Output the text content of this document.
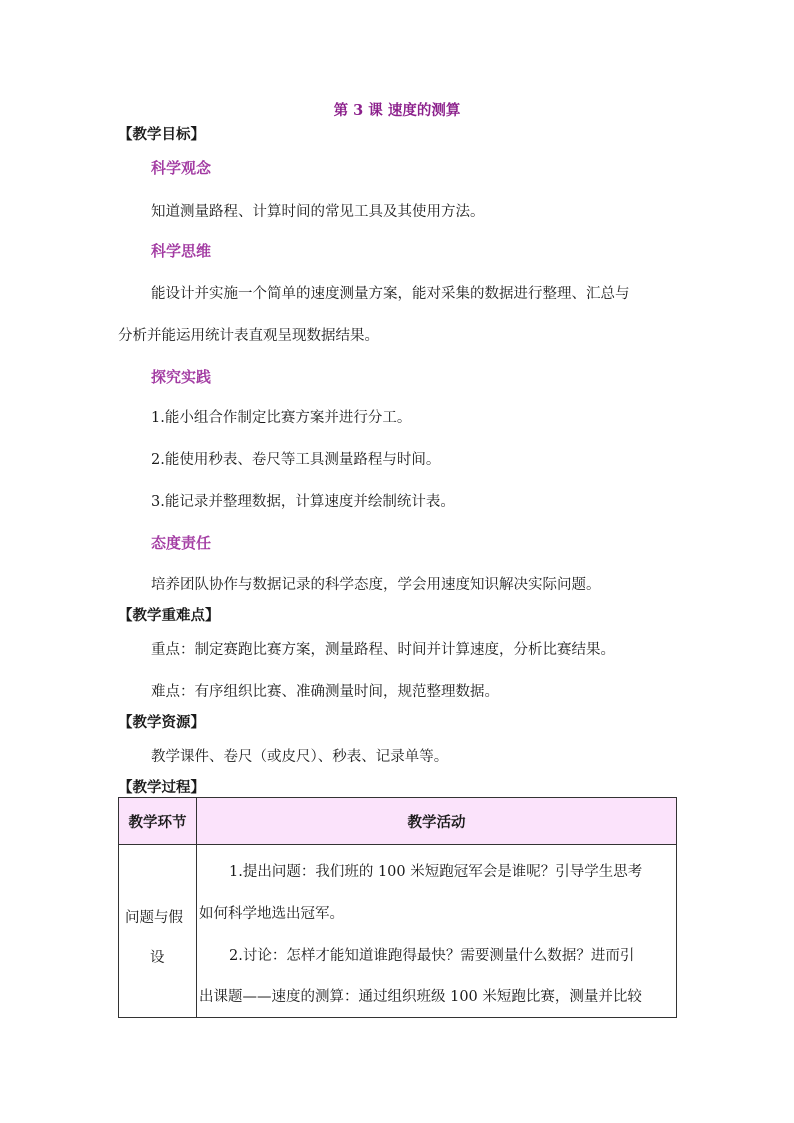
第 3 课 速度的测算
【教学目标】
科学观念
知道测量路程、计算时间的常见工具及其使用方法。
科学思维
能设计并实施一个简单的速度测量方案，能对采集的数据进行整理、汇总与
分析并能运用统计表直观呈现数据结果。
探究实践
1.能小组合作制定比赛方案并进行分工。
2.能使用秒表、卷尺等工具测量路程与时间。
3.能记录并整理数据，计算速度并绘制统计表。
态度责任
培养团队协作与数据记录的科学态度，学会用速度知识解决实际问题。
【教学重难点】
重点：制定赛跑比赛方案，测量路程、时间并计算速度，分析比赛结果。
难点：有序组织比赛、准确测量时间，规范整理数据。
【教学资源】
教学课件、卷尺（或皮尺）、秒表、记录单等。
【教学过程】
教学环节	教学活动

问题与假
设	1.提出问题：我们班的 100 米短跑冠军会是谁呢？引导学生思考
如何科学地选出冠军。
2.讨论：怎样才能知道谁跑得最快？需要测量什么数据？进而引
出课题——速度的测算：通过组织班级 100 米短跑比赛，测量并比较
